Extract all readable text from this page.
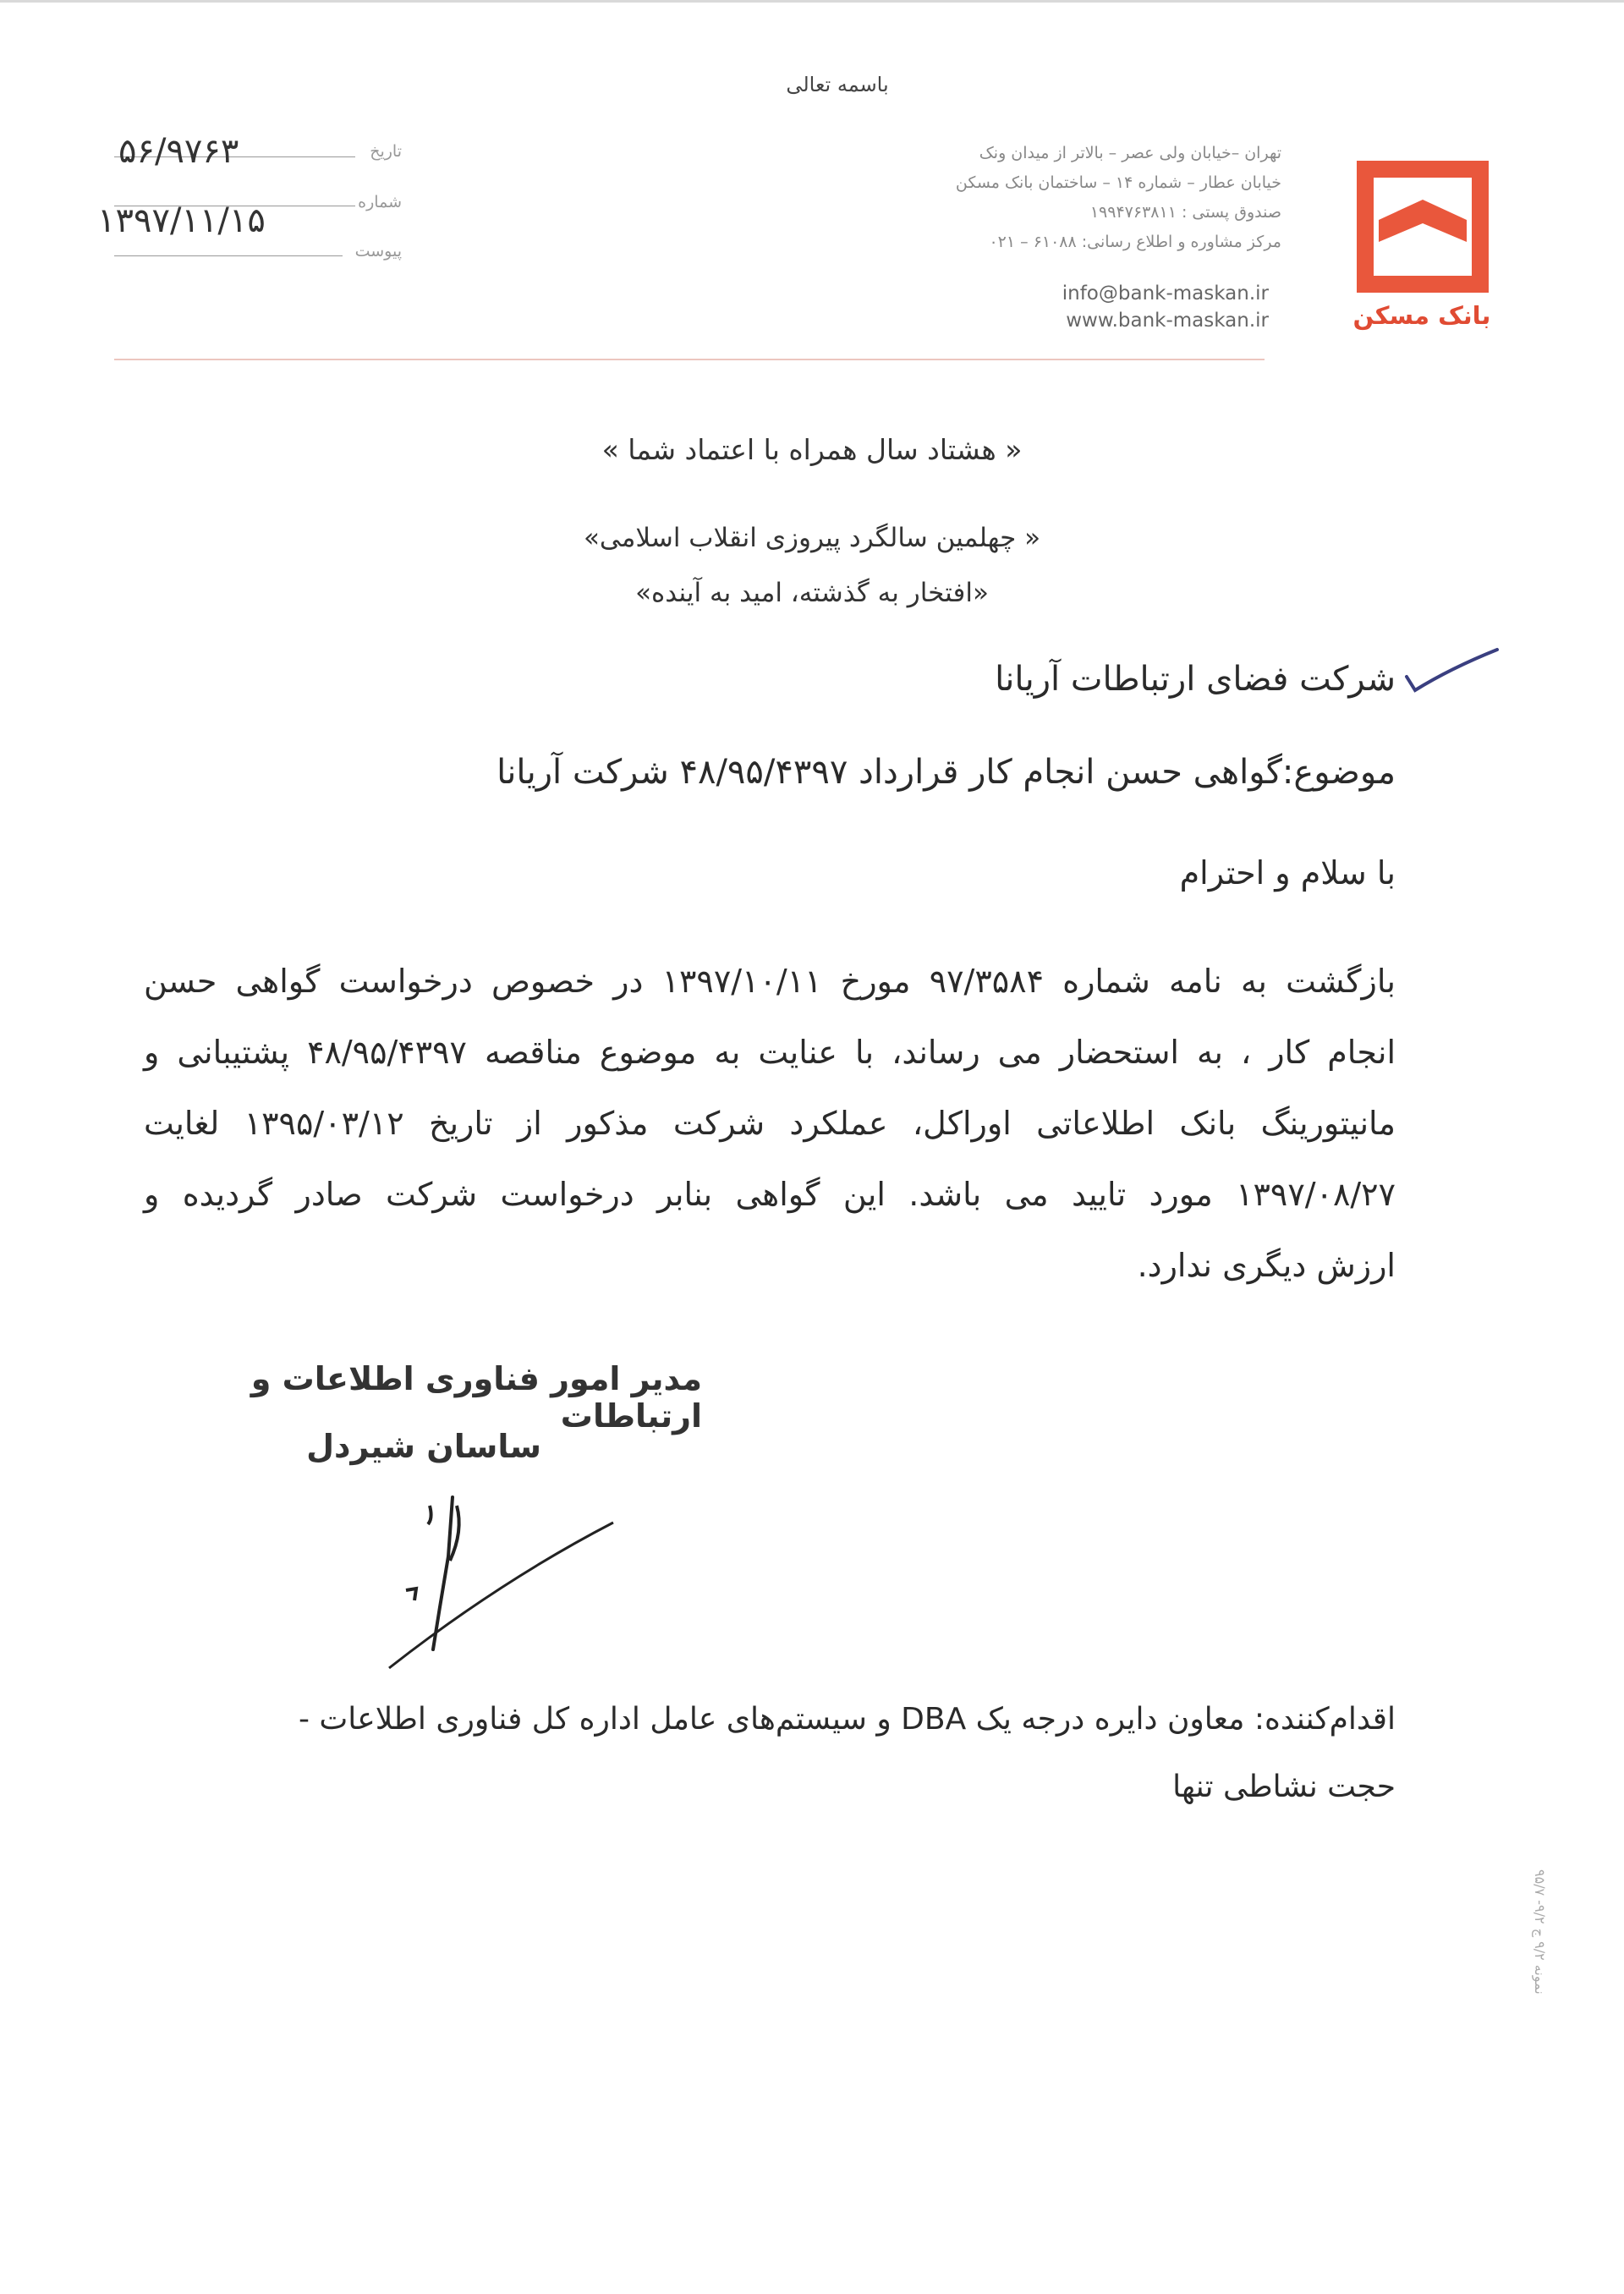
باسمه تعالی
تاریخ
۵۶/۹۷۶۳
شماره
۱۳۹۷/۱۱/۱۵
پیوست
تهران –خیابان ولی عصر – بالاتر از میدان ونک
خیابان عطار – شماره ۱۴ – ساختمان بانک مسکن
صندوق پستی : ۱۹۹۴۷۶۳۸۱۱
مرکز مشاوره و اطلاع رسانی: ۶۱۰۸۸ – ۰۲۱
info@bank-maskan.ir
www.bank-maskan.ir	بانک مسکن
« هشتاد سال همراه با اعتماد شما »
« چهلمین سالگرد پیروزی انقلاب اسلامی»
«افتخار به گذشته، امید به آینده»
شرکت فضای ارتباطات آریانا
موضوع:گواهی حسن انجام کار قرارداد ۴۸/۹۵/۴۳۹۷ شرکت آریانا
با سلام و احترام
بازگشت به نامه شماره ۹۷/۳۵۸۴ مورخ ۱۳۹۷/۱۰/۱۱ در خصوص درخواست گواهی حسن
انجام کار ، به استحضار می رساند، با عنایت به موضوع مناقصه ۴۸/۹۵/۴۳۹۷ پشتیبانی و
مانیتورینگ بانک اطلاعاتی اوراکل، عملکرد شرکت مذکور از تاریخ ۱۳۹۵/۰۳/۱۲ لغایت
۱۳۹۷/۰۸/۲۷ مورد تایید می باشد. این گواهی بنابر درخواست شرکت صادر گردیده و
ارزش دیگری ندارد.
مدیر امور فناوری اطلاعات و ارتباطات
ساسان شیردل
اقدام‌کننده: معاون دایره درجه یک DBA و سیستم‌های عامل اداره کل فناوری اطلاعات -
حجت نشاطی تنها
نمونه ۹/۲ ج ۹/۲- ۹۵/۷
